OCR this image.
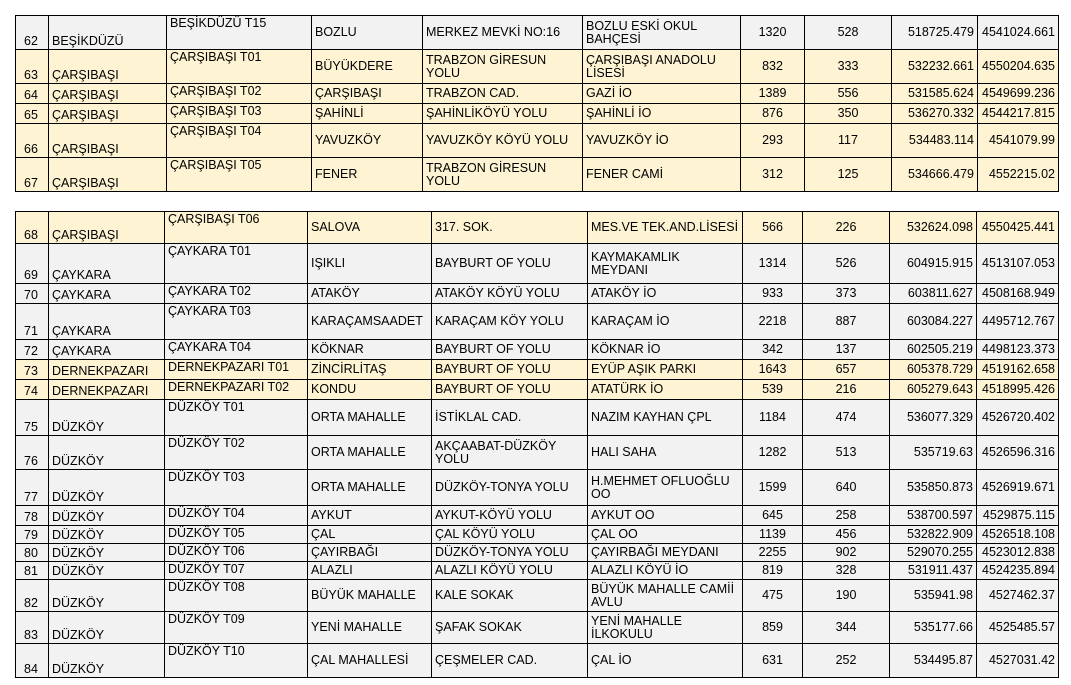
62	BEŞİKDÜZÜ	BEŞİKDÜZÜ T15	BOZLU	MERKEZ MEVKİ NO:16	BOZLU ESKİ OKUL BAHÇESİ	1320	528	518725.479	4541024.661
63	ÇARŞIBAŞI	ÇARŞIBAŞI T01	BÜYÜKDERE	TRABZON GİRESUN YOLU	ÇARŞIBAŞI ANADOLU LİSESİ	832	333	532232.661	4550204.635
64	ÇARŞIBAŞI	ÇARŞIBAŞI T02	ÇARŞIBAŞI	TRABZON CAD.	GAZİ İO	1389	556	531585.624	4549699.236
65	ÇARŞIBAŞI	ÇARŞIBAŞI T03	ŞAHİNLİ	ŞAHİNLİKÖYÜ YOLU	ŞAHİNLİ İO	876	350	536270.332	4544217.815
66	ÇARŞIBAŞI	ÇARŞIBAŞI T04	YAVUZKÖY	YAVUZKÖY KÖYÜ YOLU	YAVUZKÖY İO	293	117	534483.114	4541079.99
67	ÇARŞIBAŞI	ÇARŞIBAŞI T05	FENER	TRABZON GİRESUN YOLU	FENER CAMİ	312	125	534666.479	4552215.02
68	ÇARŞIBAŞI	ÇARŞIBAŞI T06	SALOVA	317. SOK.	MES.VE TEK.AND.LİSESİ	566	226	532624.098	4550425.441
69	ÇAYKARA	ÇAYKARA T01	IŞIKLI	BAYBURT OF YOLU	KAYMAKAMLIK MEYDANI	1314	526	604915.915	4513107.053
70	ÇAYKARA	ÇAYKARA T02	ATAKÖY	ATAKÖY KÖYÜ YOLU	ATAKÖY İO	933	373	603811.627	4508168.949
71	ÇAYKARA	ÇAYKARA T03	KARAÇAMSAADET	KARAÇAM KÖY YOLU	KARAÇAM İO	2218	887	603084.227	4495712.767
72	ÇAYKARA	ÇAYKARA T04	KÖKNAR	BAYBURT OF YOLU	KÖKNAR İO	342	137	602505.219	4498123.373
73	DERNEKPAZARI	DERNEKPAZARI T01	ZİNCİRLİTAŞ	BAYBURT OF YOLU	EYÜP AŞIK PARKI	1643	657	605378.729	4519162.658
74	DERNEKPAZARI	DERNEKPAZARI T02	KONDU	BAYBURT OF YOLU	ATATÜRK İO	539	216	605279.643	4518995.426
75	DÜZKÖY	DÜZKÖY T01	ORTA MAHALLE	İSTİKLAL CAD.	NAZIM KAYHAN ÇPL	1184	474	536077.329	4526720.402
76	DÜZKÖY	DÜZKÖY T02	ORTA MAHALLE	AKÇAABAT-DÜZKÖY YOLU	HALI SAHA	1282	513	535719.63	4526596.316
77	DÜZKÖY	DÜZKÖY T03	ORTA MAHALLE	DÜZKÖY-TONYA YOLU	H.MEHMET OFLUOĞLU OO	1599	640	535850.873	4526919.671
78	DÜZKÖY	DÜZKÖY T04	AYKUT	AYKUT-KÖYÜ YOLU	AYKUT OO	645	258	538700.597	4529875.115
79	DÜZKÖY	DÜZKÖY T05	ÇAL	ÇAL KÖYÜ YOLU	ÇAL OO	1139	456	532822.909	4526518.108
80	DÜZKÖY	DÜZKÖY T06	ÇAYIRBAĞI	DÜZKÖY-TONYA YOLU	ÇAYIRBAĞI MEYDANI	2255	902	529070.255	4523012.838
81	DÜZKÖY	DÜZKÖY T07	ALAZLI	ALAZLI KÖYÜ YOLU	ALAZLI KÖYÜ İO	819	328	531911.437	4524235.894
82	DÜZKÖY	DÜZKÖY T08	BÜYÜK MAHALLE	KALE SOKAK	BÜYÜK MAHALLE CAMİİ AVLU	475	190	535941.98	4527462.37
83	DÜZKÖY	DÜZKÖY T09	YENİ MAHALLE	ŞAFAK SOKAK	YENİ MAHALLE İLKOKULU	859	344	535177.66	4525485.57
84	DÜZKÖY	DÜZKÖY T10	ÇAL MAHALLESİ	ÇEŞMELER CAD.	ÇAL İO	631	252	534495.87	4527031.42
